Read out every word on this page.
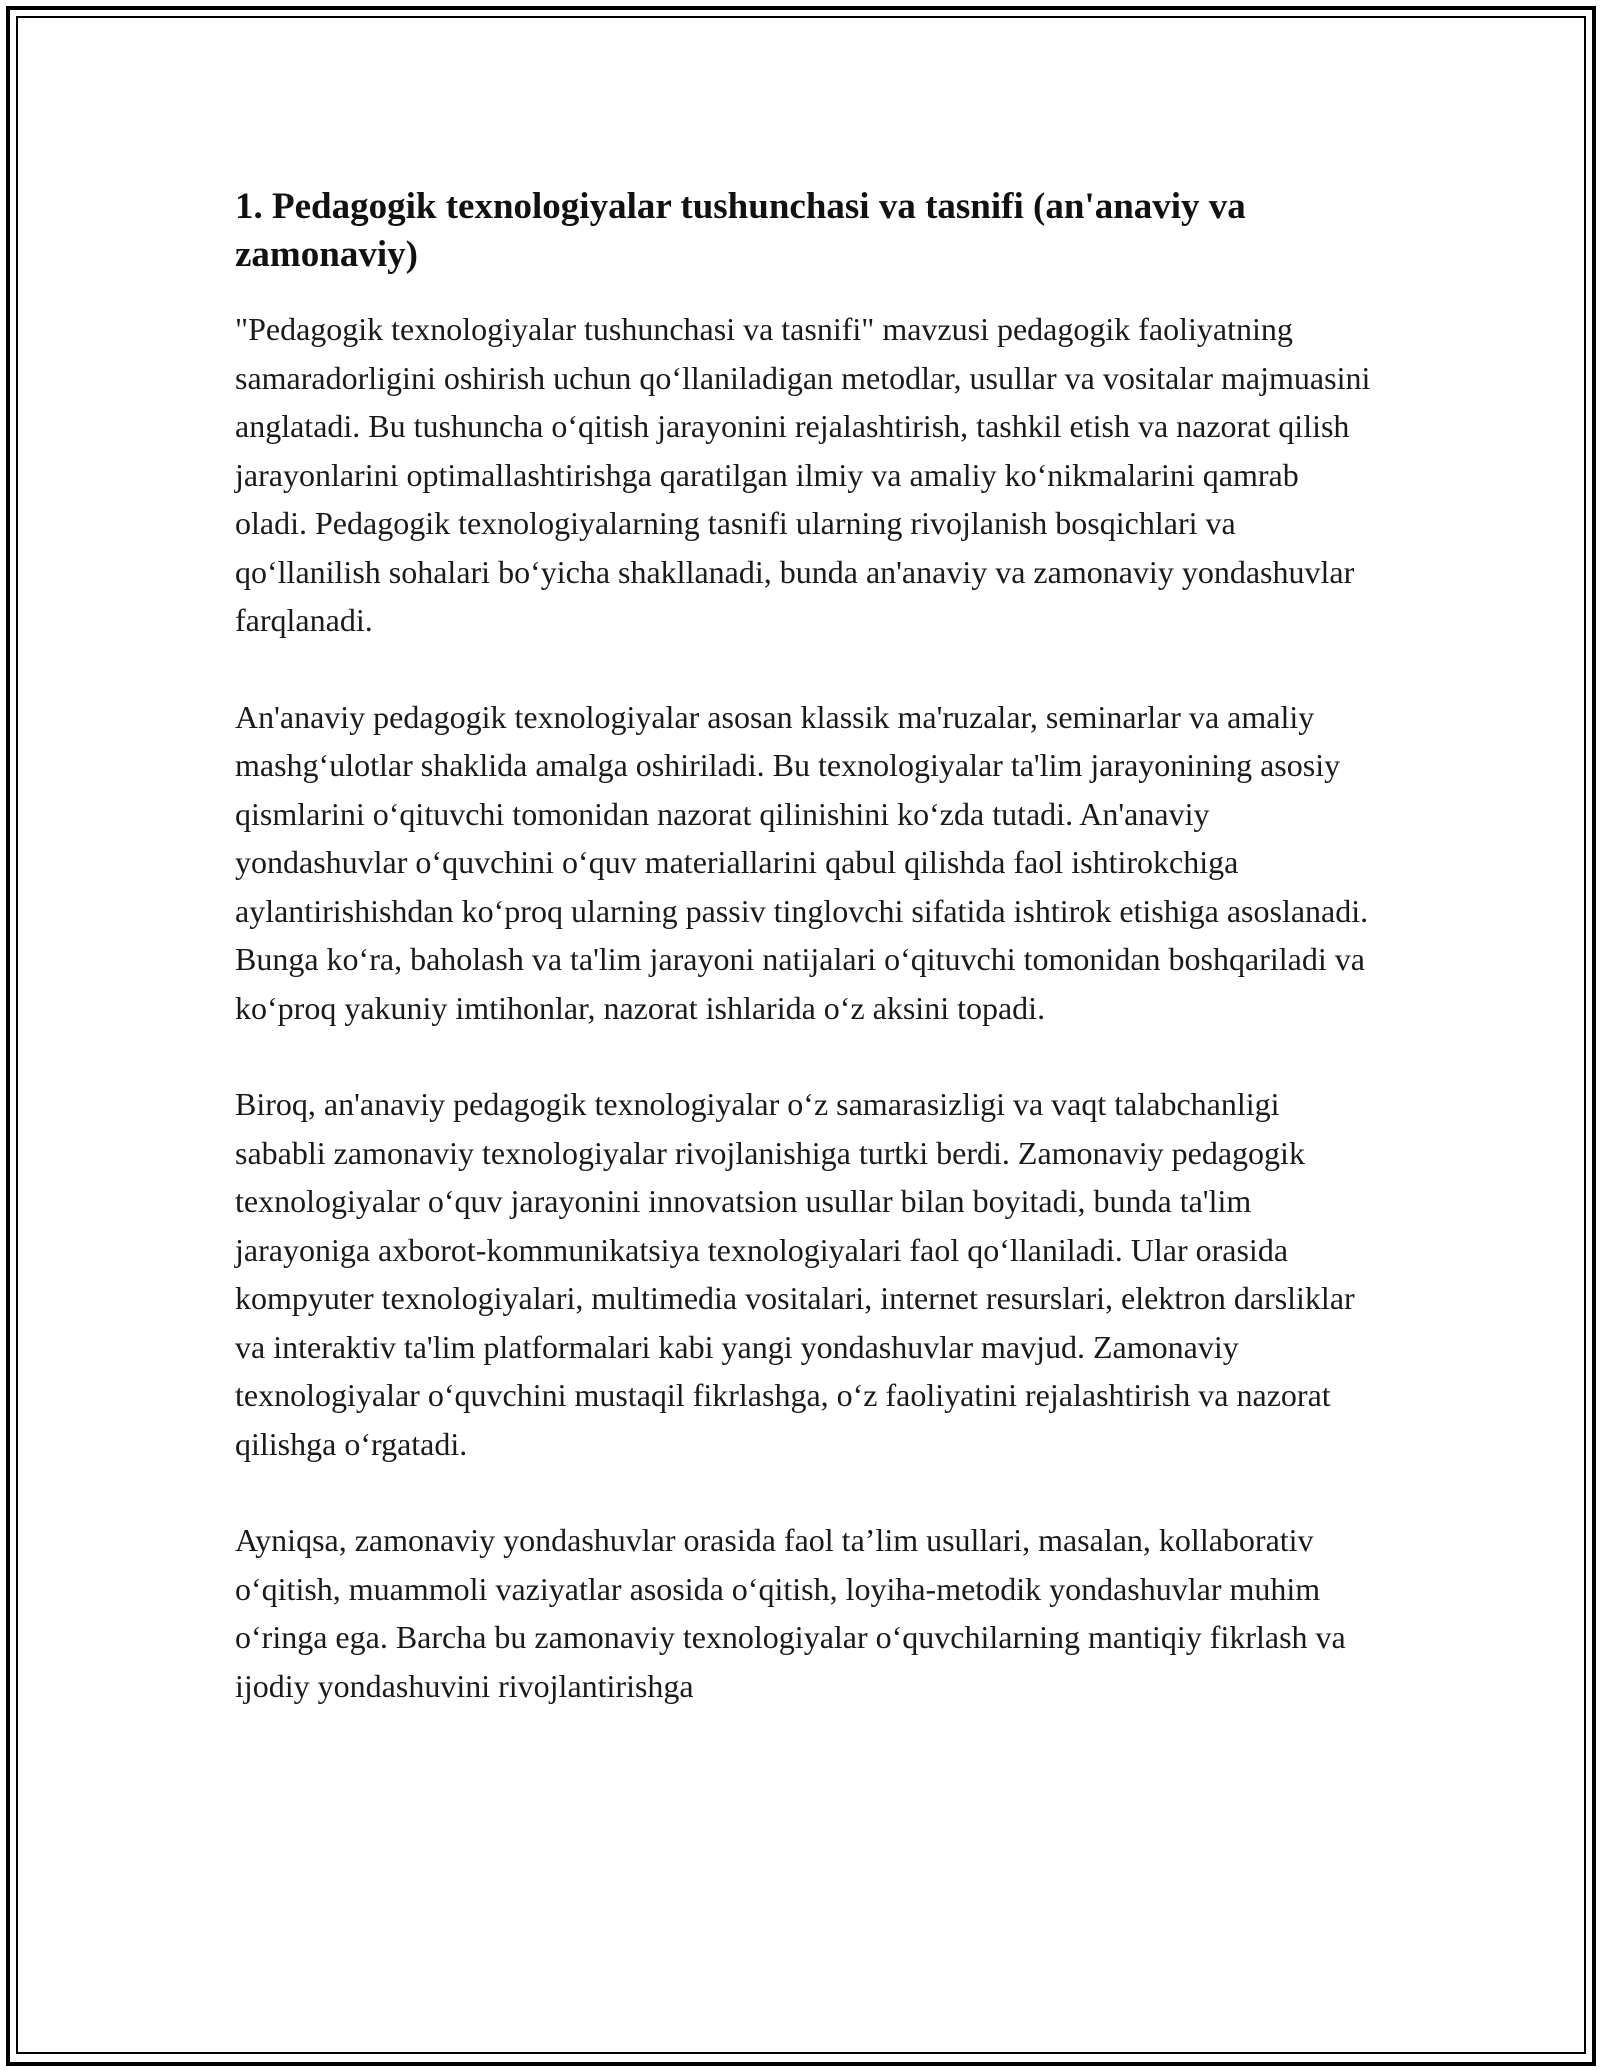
1. Pedagogik texnologiyalar tushunchasi va tasnifi (an'anaviy va zamonaviy)

"Pedagogik texnologiyalar tushunchasi va tasnifi" mavzusi pedagogik faoliyatning samaradorligini oshirish uchun qo‘llaniladigan metodlar, usullar va vositalar majmuasini anglatadi. Bu tushuncha o‘qitish jarayonini rejalashtirish, tashkil etish va nazorat qilish jarayonlarini optimallashtirishga qaratilgan ilmiy va amaliy ko‘nikmalarini qamrab oladi. Pedagogik texnologiyalarning tasnifi ularning rivojlanish bosqichlari va qo‘llanilish sohalari bo‘yicha shakllanadi, bunda an'anaviy va zamonaviy yondashuvlar farqlanadi.

An'anaviy pedagogik texnologiyalar asosan klassik ma'ruzalar, seminarlar va amaliy mashg‘ulotlar shaklida amalga oshiriladi. Bu texnologiyalar ta'lim jarayonining asosiy qismlarini o‘qituvchi tomonidan nazorat qilinishini ko‘zda tutadi. An'anaviy yondashuvlar o‘quvchini o‘quv materiallarini qabul qilishda faol ishtirokchiga aylantirishishdan ko‘proq ularning passiv tinglovchi sifatida ishtirok etishiga asoslanadi. Bunga ko‘ra, baholash va ta'lim jarayoni natijalari o‘qituvchi tomonidan boshqariladi va ko‘proq yakuniy imtihonlar, nazorat ishlarida o‘z aksini topadi.

Biroq, an'anaviy pedagogik texnologiyalar o‘z samarasizligi va vaqt talabchanligi sababli zamonaviy texnologiyalar rivojlanishiga turtki berdi. Zamonaviy pedagogik texnologiyalar o‘quv jarayonini innovatsion usullar bilan boyitadi, bunda ta'lim jarayoniga axborot-kommunikatsiya texnologiyalari faol qo‘llaniladi. Ular orasida kompyuter texnologiyalari, multimedia vositalari, internet resurslari, elektron darsliklar va interaktiv ta'lim platformalari kabi yangi yondashuvlar mavjud. Zamonaviy texnologiyalar o‘quvchini mustaqil fikrlashga, o‘z faoliyatini rejalashtirish va nazorat qilishga o‘rgatadi.

Ayniqsa, zamonaviy yondashuvlar orasida faol ta’lim usullari, masalan, kollaborativ o‘qitish, muammoli vaziyatlar asosida o‘qitish, loyiha-metodik yondashuvlar muhim o‘ringa ega. Barcha bu zamonaviy texnologiyalar o‘quvchilarning mantiqiy fikrlash va ijodiy yondashuvini rivojlantirishga
